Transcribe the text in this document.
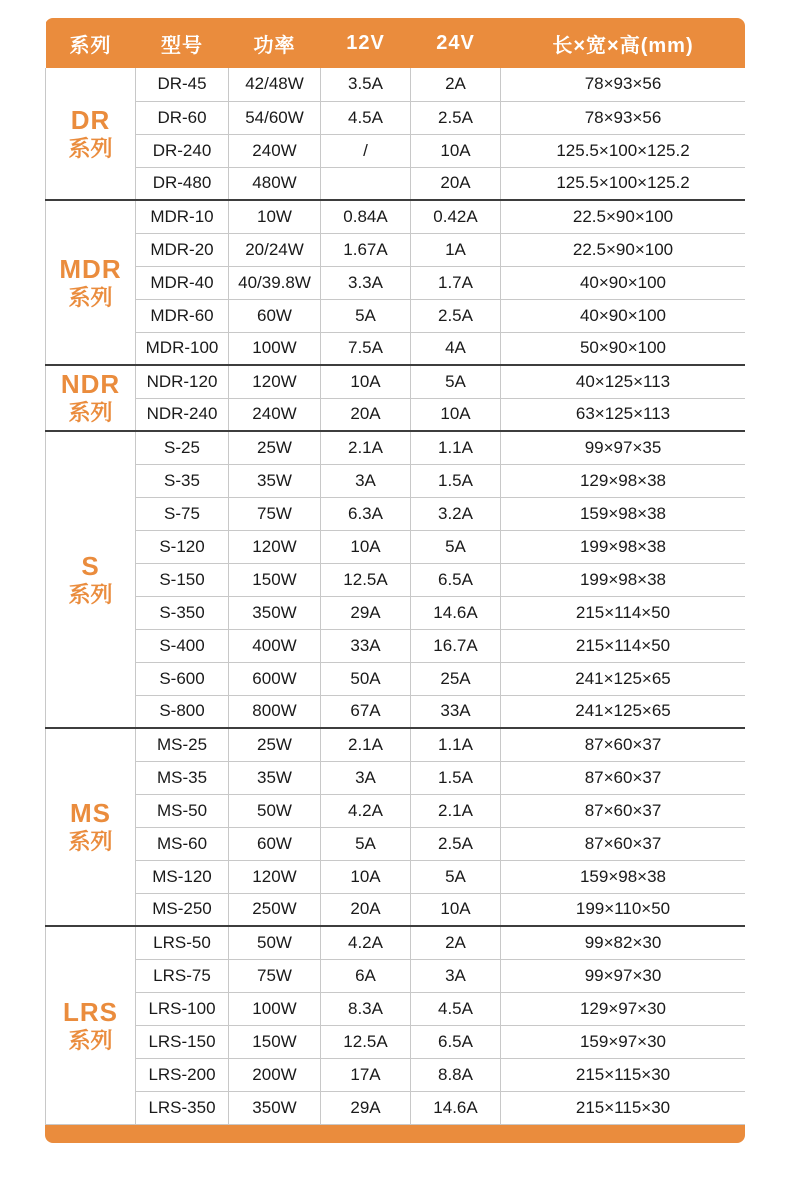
系列	型号	功率	12V	24V	长×宽×高(mm)

DR
系列	DR-45	42/48W	3.5A	2A	78×93×56
	DR-60	54/60W	4.5A	2.5A	78×93×56
	DR-240	240W	/	10A	125.5×100×125.2
	DR-480	480W		20A	125.5×100×125.2

MDR
系列	MDR-10	10W	0.84A	0.42A	22.5×90×100
	MDR-20	20/24W	1.67A	1A	22.5×90×100
	MDR-40	40/39.8W	3.3A	1.7A	40×90×100
	MDR-60	60W	5A	2.5A	40×90×100
	MDR-100	100W	7.5A	4A	50×90×100

NDR
系列	NDR-120	120W	10A	5A	40×125×113
	NDR-240	240W	20A	10A	63×125×113

S
系列	S-25	25W	2.1A	1.1A	99×97×35
	S-35	35W	3A	1.5A	129×98×38
	S-75	75W	6.3A	3.2A	159×98×38
	S-120	120W	10A	5A	199×98×38
	S-150	150W	12.5A	6.5A	199×98×38
	S-350	350W	29A	14.6A	215×114×50
	S-400	400W	33A	16.7A	215×114×50
	S-600	600W	50A	25A	241×125×65
	S-800	800W	67A	33A	241×125×65

MS
系列	MS-25	25W	2.1A	1.1A	87×60×37
	MS-35	35W	3A	1.5A	87×60×37
	MS-50	50W	4.2A	2.1A	87×60×37
	MS-60	60W	5A	2.5A	87×60×37
	MS-120	120W	10A	5A	159×98×38
	MS-250	250W	20A	10A	199×110×50

LRS
系列	LRS-50	50W	4.2A	2A	99×82×30
	LRS-75	75W	6A	3A	99×97×30
	LRS-100	100W	8.3A	4.5A	129×97×30
	LRS-150	150W	12.5A	6.5A	159×97×30
	LRS-200	200W	17A	8.8A	215×115×30
	LRS-350	350W	29A	14.6A	215×115×30
